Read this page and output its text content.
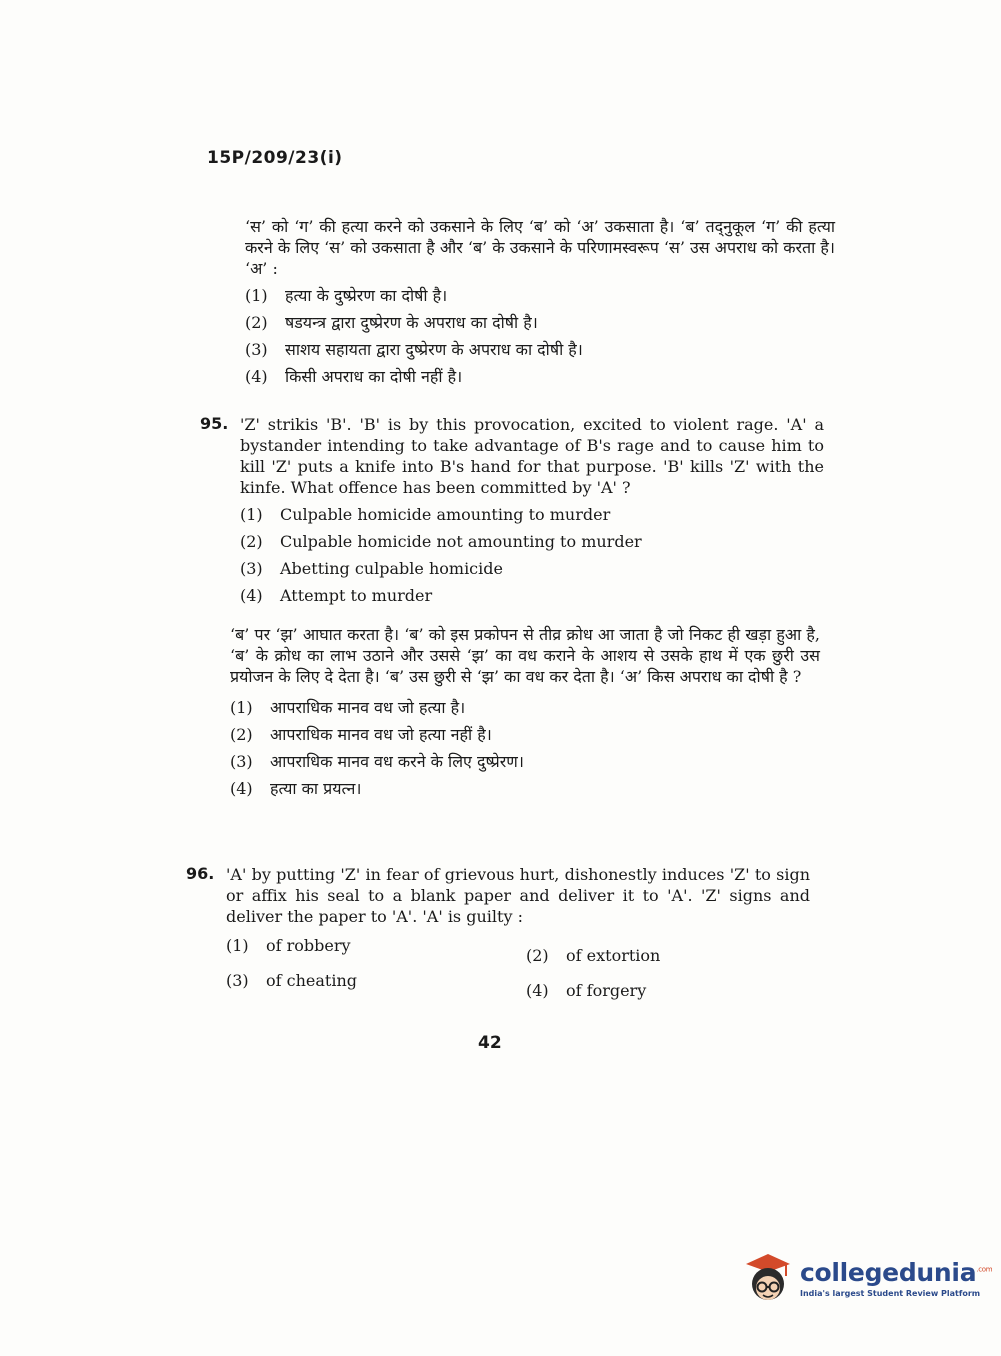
15P/209/23(i)

‘स’ को ‘ग’ की हत्या करने को उकसाने के लिए ‘ब’ को ‘अ’ उकसाता है। ‘ब’ तद्नुकूल ‘ग’ की हत्या करने के लिए ‘स’ को उकसाता है और ‘ब’ के उकसाने के परिणामस्वरूप ‘स’ उस अपराध को करता है। ‘अ’ :

(1) हत्या के दुष्प्रेरण का दोषी है।
(2) षडयन्त्र द्वारा दुष्प्रेरण के अपराध का दोषी है।
(3) साशय सहायता द्वारा दुष्प्रेरण के अपराध का दोषी है।
(4) किसी अपराध का दोषी नहीं है।
95. 'Z' strikis 'B'. 'B' is by this provocation, excited to violent rage. 'A' a bystander intending to take advantage of B's rage and to cause him to kill 'Z' puts a knife into B's hand for that purpose. 'B' kills 'Z' with the kinfe. What offence has been committed by 'A' ?

(1) Culpable homicide amounting to murder
(2) Culpable homicide not amounting to murder
(3) Abetting culpable homicide
(4) Attempt to murder

‘ब’ पर ‘झ’ आघात करता है। ‘ब’ को इस प्रकोपन से तीव्र क्रोध आ जाता है जो निकट ही खड़ा हुआ है, ‘ब’ के क्रोध का लाभ उठाने और उससे ‘झ’ का वध कराने के आशय से उसके हाथ में एक छुरी उस प्रयोजन के लिए दे देता है। ‘ब’ उस छुरी से ‘झ’ का वध कर देता है। ‘अ’ किस अपराध का दोषी है ?

(1) आपराधिक मानव वध जो हत्या है।
(2) आपराधिक मानव वध जो हत्या नहीं है।
(3) आपराधिक मानव वध करने के लिए दुष्प्रेरण।
(4) हत्या का प्रयत्न।
96. 'A' by putting 'Z' in fear of grievous hurt, dishonestly induces 'Z' to sign or affix his seal to a blank paper and deliver it to 'A'. 'Z' signs and deliver the paper to 'A'. 'A' is guilty :

(1) of robbery
(2) of extortion
(3) of cheating
(4) of forgery
42
collegedunia$^{.com}$
India's largest Student Review Platform
